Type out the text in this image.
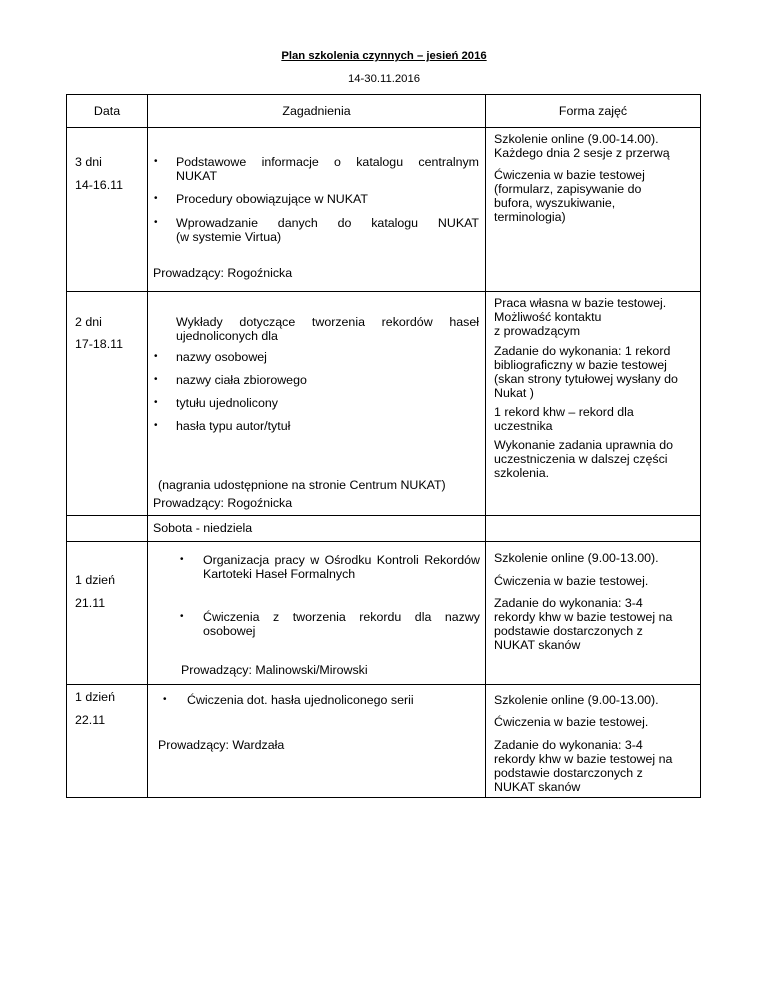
Plan szkolenia czynnych – jesień 2016
14-30.11.2016
Data	Zagadnienia	Forma zajęć
3 dni
14-16.11
• Podstawowe informacje o katalogu centralnym
NUKAT
• Procedury obowiązujące w NUKAT
• Wprowadzanie danych do katalogu NUKAT
(w systemie Virtua)
Prowadzący: Rogoźnicka
Szkolenie online (9.00-14.00).
Każdego dnia 2 sesje z przerwą
Ćwiczenia w bazie testowej
(formularz, zapisywanie do
bufora, wyszukiwanie,
terminologia)
2 dni
17-18.11
Wykłady dotyczące tworzenia rekordów haseł
ujednoliconych dla
• nazwy osobowej
• nazwy ciała zbiorowego
• tytułu ujednolicony
• hasła typu autor/tytuł
(nagrania udostępnione na stronie Centrum NUKAT)
Prowadzący: Rogoźnicka
Praca własna w bazie testowej.
Możliwość kontaktu
z prowadzącym
Zadanie do wykonania: 1 rekord
bibliograficzny w bazie testowej
(skan strony tytułowej wysłany do
Nukat )
1 rekord khw – rekord dla
uczestnika
Wykonanie zadania uprawnia do
uczestniczenia w dalszej części
szkolenia.
Sobota - niedziela
1 dzień
21.11
• Organizacja pracy w Ośrodku Kontroli Rekordów
Kartoteki Haseł Formalnych
• Ćwiczenia z tworzenia rekordu dla nazwy
osobowej
Prowadzący: Malinowski/Mirowski
Szkolenie online (9.00-13.00).
Ćwiczenia w bazie testowej.
Zadanie do wykonania: 3-4
rekordy khw w bazie testowej na
podstawie dostarczonych z
NUKAT skanów
1 dzień
22.11
• Ćwiczenia dot. hasła ujednoliconego serii
Prowadzący: Wardzała
Szkolenie online (9.00-13.00).
Ćwiczenia w bazie testowej.
Zadanie do wykonania: 3-4
rekordy khw w bazie testowej na
podstawie dostarczonych z
NUKAT skanów
